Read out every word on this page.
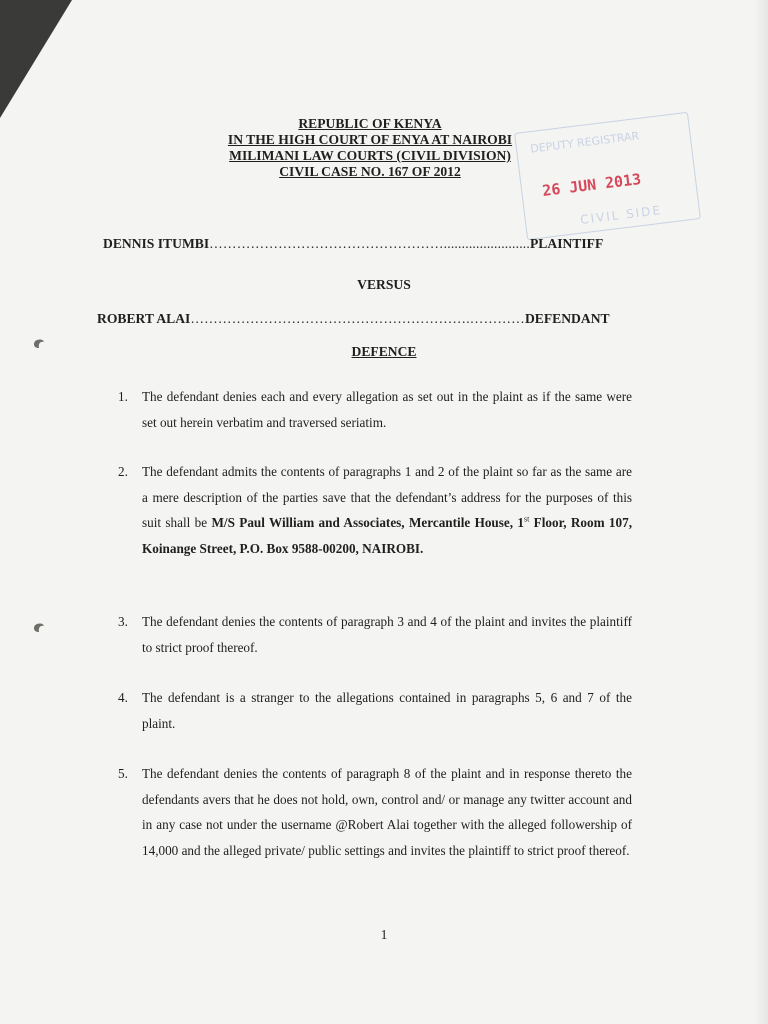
REPUBLIC OF KENYA
IN THE HIGH COURT OF ENYA AT NAIROBI
MILIMANI LAW COURTS (CIVIL DIVISION)
CIVIL CASE NO. 167 OF 2012
DEPUTY REGISTRAR
26 JUN 2013
CIVIL SIDE
DENNIS ITUMBI……………………………………………........................PLAINTIFF
VERSUS
ROBERT ALAI…………………………………………………….…………DEFENDANT
DEFENCE
1. The defendant denies each and every allegation as set out in the plaint as if the same were set out herein verbatim and traversed seriatim.
2. The defendant admits the contents of paragraphs 1 and 2 of the plaint so far as the same are a mere description of the parties save that the defendant’s address for the purposes of this suit shall be M/S Paul William and Associates, Mercantile House, 1st Floor, Room 107, Koinange Street, P.O. Box 9588-00200, NAIROBI.
3. The defendant denies the contents of paragraph 3 and 4 of the plaint and invites the plaintiff to strict proof thereof.
4. The defendant is a stranger to the allegations contained in paragraphs 5, 6 and 7 of the plaint.
5. The defendant denies the contents of paragraph 8 of the plaint and in response thereto the defendants avers that he does not hold, own, control and/ or manage any twitter account and in any case not under the username @Robert Alai together with the alleged followership of 14,000 and the alleged private/ public settings and invites the plaintiff to strict proof thereof.
1
